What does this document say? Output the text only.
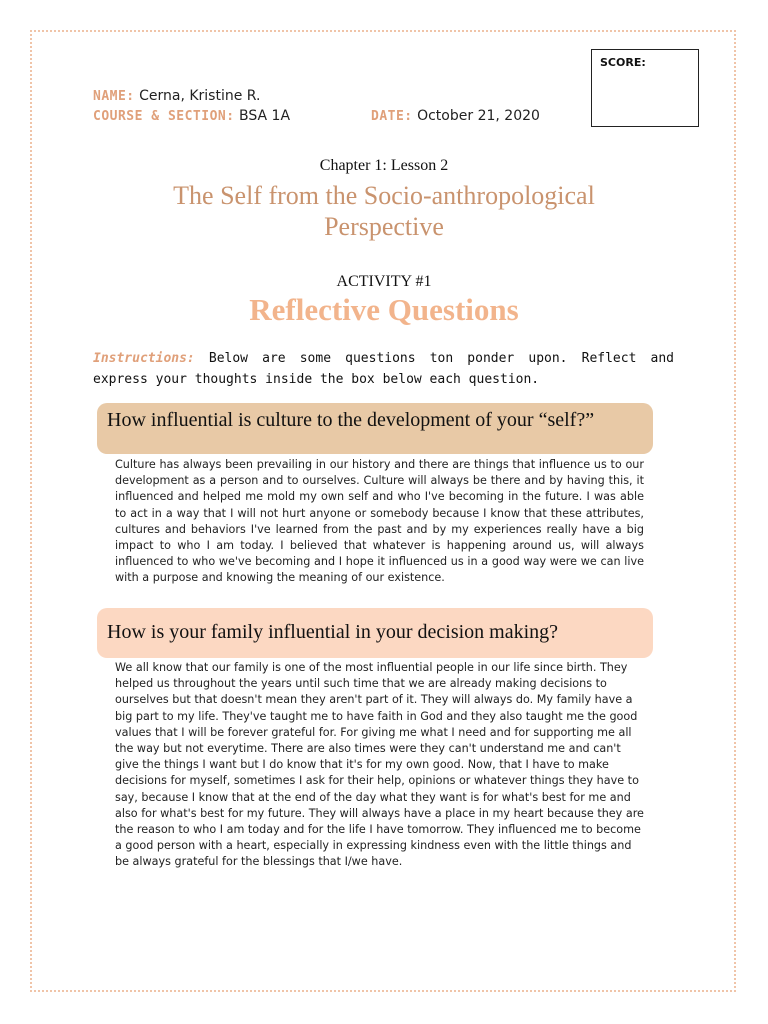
SCORE:
NAME: Cerna, Kristine R.
COURSE & SECTION: BSA 1A	DATE: October 21, 2020
Chapter 1: Lesson 2
The Self from the Socio-anthropological Perspective
ACTIVITY #1
Reflective Questions
Instructions: Below are some questions ton ponder upon. Reflect and express your thoughts inside the box below each question.
How influential is culture to the development of your “self?”
Culture has always been prevailing in our history and there are things that influence us to our development as a person and to ourselves. Culture will always be there and by having this, it influenced and helped me mold my own self and who I've becoming in the future. I was able to act in a way that I will not hurt anyone or somebody because I know that these attributes, cultures and behaviors I've learned from the past and by my experiences really have a big impact to who I am today. I believed that whatever is happening around us, will always influenced to who we've becoming and I hope it influenced us in a good way were we can live with a purpose and knowing the meaning of our existence.
How is your family influential in your decision making?
We all know that our family is one of the most influential people in our life since birth. They helped us throughout the years until such time that we are already making decisions to ourselves but that doesn't mean they aren't part of it. They will always do. My family have a big part to my life. They've taught me to have faith in God and they also taught me the good values that I will be forever grateful for. For giving me what I need and for supporting me all the way but not everytime. There are also times were they can't understand me and can't give the things I want but I do know that it's for my own good. Now, that I have to make decisions for myself, sometimes I ask for their help, opinions or whatever things they have to say, because I know that at the end of the day what they want is for what's best for me and also for what's best for my future. They will always have a place in my heart because they are the reason to who I am today and for the life I have tomorrow. They influenced me to become a good person with a heart, especially in expressing kindness even with the little things and be always grateful for the blessings that I/we have.
